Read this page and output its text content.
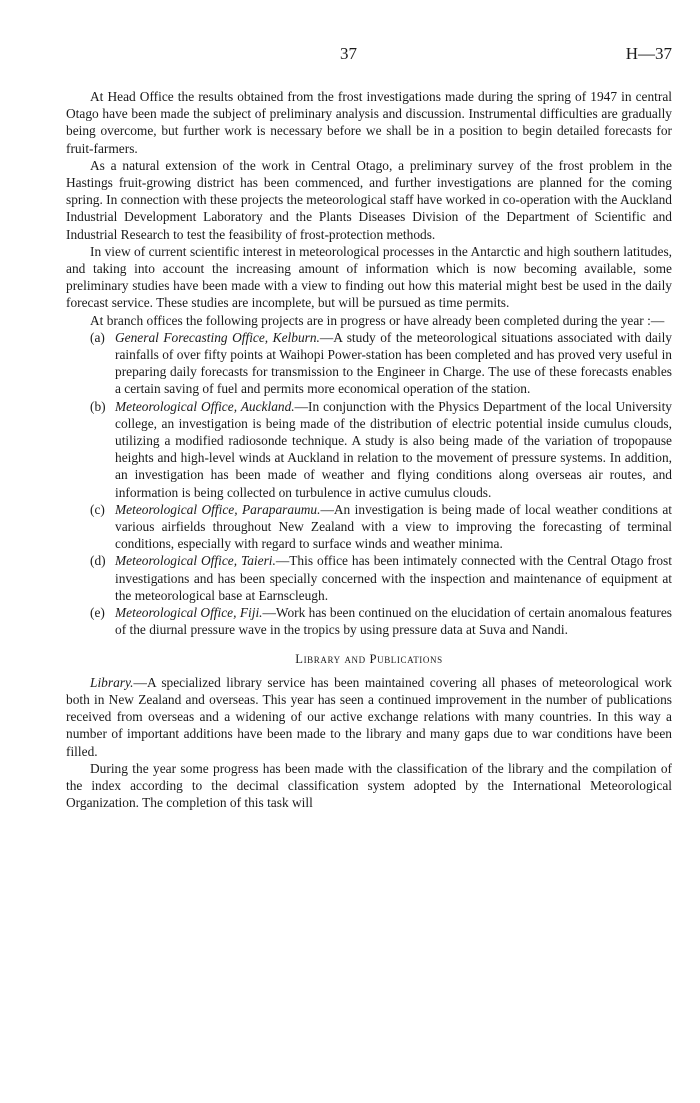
37	H—37

At Head Office the results obtained from the frost investigations made during the spring of 1947 in central Otago have been made the subject of preliminary analysis and discussion. Instrumental difficulties are gradually being overcome, but further work is necessary before we shall be in a position to begin detailed forecasts for fruit-farmers.

As a natural extension of the work in Central Otago, a preliminary survey of the frost problem in the Hastings fruit-growing district has been commenced, and further investigations are planned for the coming spring. In connection with these projects the meteorological staff have worked in co-operation with the Auckland Industrial Development Laboratory and the Plants Diseases Division of the Department of Scientific and Industrial Research to test the feasibility of frost-protection methods.

In view of current scientific interest in meteorological processes in the Antarctic and high southern latitudes, and taking into account the increasing amount of information which is now becoming available, some preliminary studies have been made with a view to finding out how this material might best be used in the daily forecast service. These studies are incomplete, but will be pursued as time permits.

At branch offices the following projects are in progress or have already been completed during the year :—

(a) General Forecasting Office, Kelburn.—A study of the meteorological situations associated with daily rainfalls of over fifty points at Waihopi Power-station has been completed and has proved very useful in preparing daily forecasts for transmission to the Engineer in Charge. The use of these forecasts enables a certain saving of fuel and permits more economical operation of the station.

(b) Meteorological Office, Auckland.—In conjunction with the Physics Department of the local University college, an investigation is being made of the distribution of electric potential inside cumulus clouds, utilizing a modified radiosonde technique. A study is also being made of the variation of tropopause heights and high-level winds at Auckland in relation to the movement of pressure systems. In addition, an investigation has been made of weather and flying conditions along overseas air routes, and information is being collected on turbulence in active cumulus clouds.

(c) Meteorological Office, Paraparaumu.—An investigation is being made of local weather conditions at various airfields throughout New Zealand with a view to improving the forecasting of terminal conditions, especially with regard to surface winds and weather minima.

(d) Meteorological Office, Taieri.—This office has been intimately connected with the Central Otago frost investigations and has been specially concerned with the inspection and maintenance of equipment at the meteorological base at Earnscleugh.

(e) Meteorological Office, Fiji.—Work has been continued on the elucidation of certain anomalous features of the diurnal pressure wave in the tropics by using pressure data at Suva and Nandi.

Library and Publications

Library.—A specialized library service has been maintained covering all phases of meteorological work both in New Zealand and overseas. This year has seen a continued improvement in the number of publications received from overseas and a widening of our active exchange relations with many countries. In this way a number of important additions have been made to the library and many gaps due to war conditions have been filled.

During the year some progress has been made with the classification of the library and the compilation of the index according to the decimal classification system adopted by the International Meteorological Organization. The completion of this task will
